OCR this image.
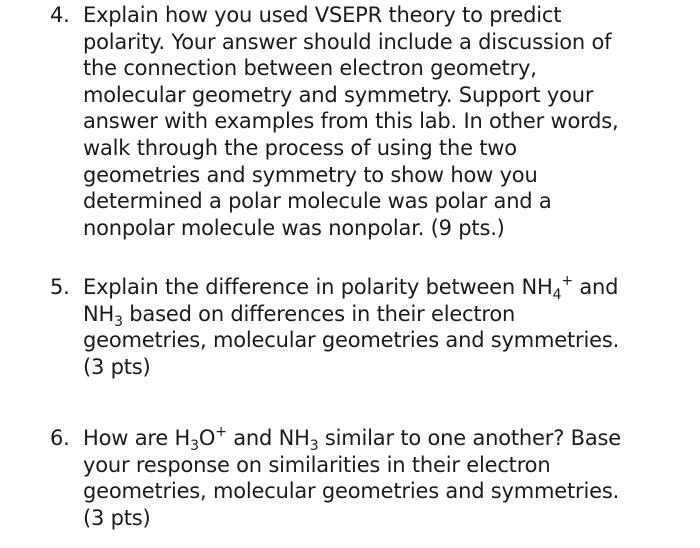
4. Explain how you used VSEPR theory to predict
polarity. Your answer should include a discussion of
the connection between electron geometry,
molecular geometry and symmetry. Support your
answer with examples from this lab. In other words,
walk through the process of using the two
geometries and symmetry to show how you
determined a polar molecule was polar and a
nonpolar molecule was nonpolar. (9 pts.)
5. Explain the difference in polarity between $NH_4^+$ and
$NH_3$ based on differences in their electron
geometries, molecular geometries and symmetries.
(3 pts)
6. How are $H_3O^+$ and $NH_3$ similar to one another? Base
your response on similarities in their electron
geometries, molecular geometries and symmetries.
(3 pts)
